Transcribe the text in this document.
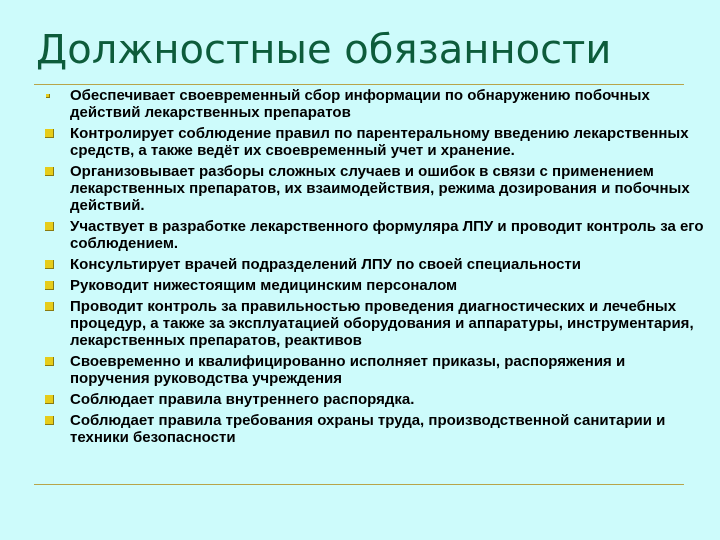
Должностные обязанности
Обеспечивает своевременный сбор информации по обнаружению побочных действий лекарственных препаратов
Контролирует соблюдение правил по парентеральному введению лекарственных средств, а также ведёт их своевременный учет и хранение.
Организовывает разборы сложных случаев и ошибок в связи с применением лекарственных препаратов, их взаимодействия, режима дозирования и побочных действий.
Участвует в разработке лекарственного формуляра ЛПУ и проводит контроль за его соблюдением.
Консультирует врачей подразделений ЛПУ по своей специальности
Руководит нижестоящим медицинским персоналом
Проводит контроль за правильностью проведения диагностических и лечебных процедур, а также за эксплуатацией оборудования и аппаратуры, инструментария, лекарственных препаратов, реактивов
Своевременно и квалифицированно исполняет приказы, распоряжения и поручения руководства учреждения
Соблюдает правила внутреннего распорядка.
Соблюдает правила требования охраны труда, производственной санитарии и техники безопасности
